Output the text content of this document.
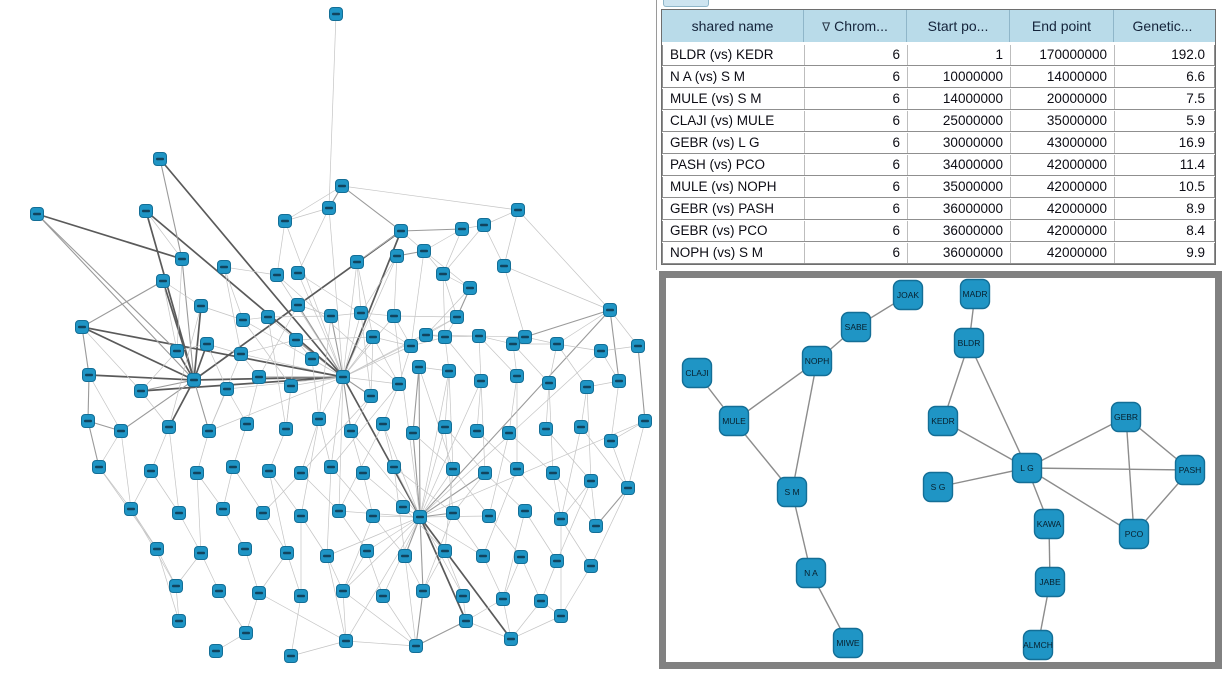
shared name	∇ Chrom...	Start po...	End point	Genetic...
BLDR (vs) KEDR	6	1	170000000	192.0
N A (vs) S M	6	10000000	14000000	6.6
MULE (vs) S M	6	14000000	20000000	7.5
CLAJI (vs) MULE	6	25000000	35000000	5.9
GEBR (vs) L G	6	30000000	43000000	16.9
PASH (vs) PCO	6	34000000	42000000	11.4
MULE (vs) NOPH	6	35000000	42000000	10.5
GEBR (vs) PASH	6	36000000	42000000	8.9
GEBR (vs) PCO	6	36000000	42000000	8.4
NOPH (vs) S M	6	36000000	42000000	9.9
JOAK
SABE
NOPH
CLAJI
MULE
S M
N A
MIWE
MADR
BLDR
KEDR
S G
L G
GEBR
PASH
PCO
KAWA
JABE
ALMCH
